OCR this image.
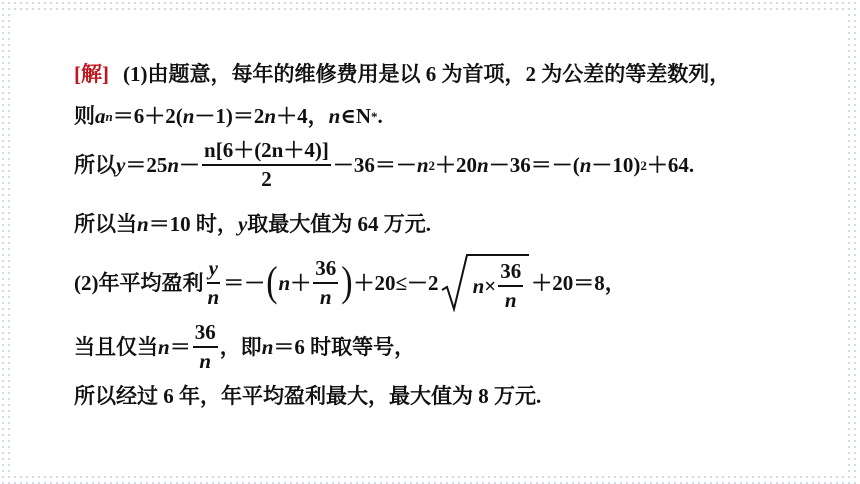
[解] (1)由题意，每年的维修费用是以 6 为首项，2 为公差的等差数列，
则 a n ＝6＋2( n －1)＝2 n ＋4， n ∈N * .
所以 y ＝25 $n - \frac{n[6+(2n+4)]}{2} -36=- n$ 2 ＋20 n －36＝－( n －10) 2 ＋64.
所以当 n ＝10 时， y 取最大值为 64 万元.
(2)年平均盈利 $\frac{y}{n}$ ＝－ ( $n + \frac{36}{n}$ ) ＋20≤－2 $n \times \frac{36}{n} +20=8$，
当且仅当 $n = \frac{36}{n}$ ，即 n ＝6 时取等号，
所以经过 6 年，年平均盈利最大，最大值为 8 万元.
